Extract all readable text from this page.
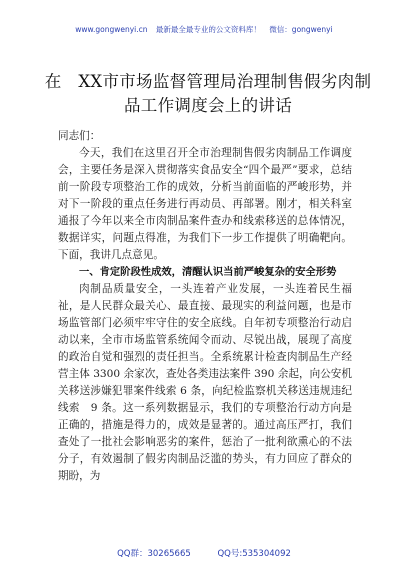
www.gongwenyi.cn 最新最全最专业的公文资料库！ 微信：gongwenyi
在　XX市市场监督管理局治理制售假劣肉制
品工作调度会上的讲话

同志们：

今天，我们在这里召开全市治理制售假劣肉制品工作调度会，主要任务是深入贯彻落实食品安全“四个最严”要求，总结前一阶段专项整治工作的成效，分析当前面临的严峻形势，并对下一阶段的重点任务进行再动员、再部署。刚才，相关科室通报了今年以来全市肉制品案件查办和线索移送的总体情况，数据详实，问题点得准，为我们下一步工作提供了明确靶向。下面，我讲几点意见。

一、肯定阶段性成效，清醒认识当前严峻复杂的安全形势

肉制品质量安全，一头连着产业发展，一头连着民生福祉，是人民群众最关心、最直接、最现实的利益问题，也是市场监管部门必须牢牢守住的安全底线。自年初专项整治行动启动以来，全市市场监管系统闻令而动、尽锐出战，展现了高度的政治自觉和强烈的责任担当。全系统累计检查肉制品生产经营主体 3300 余家次，查处各类违法案件 390 余起，向公安机关移送涉嫌犯罪案件线索 6 条，向纪检监察机关移送违规违纪线索　9 条。这一系列数据显示，我们的专项整治行动方向是正确的，措施是得力的，成效是显著的。通过高压严打，我们查处了一批社会影响恶劣的案件，惩治了一批利欲熏心的不法分子，有效遏制了假劣肉制品泛滥的势头，有力回应了群众的期盼，为

QQ群：30265665	QQ号:535304092
